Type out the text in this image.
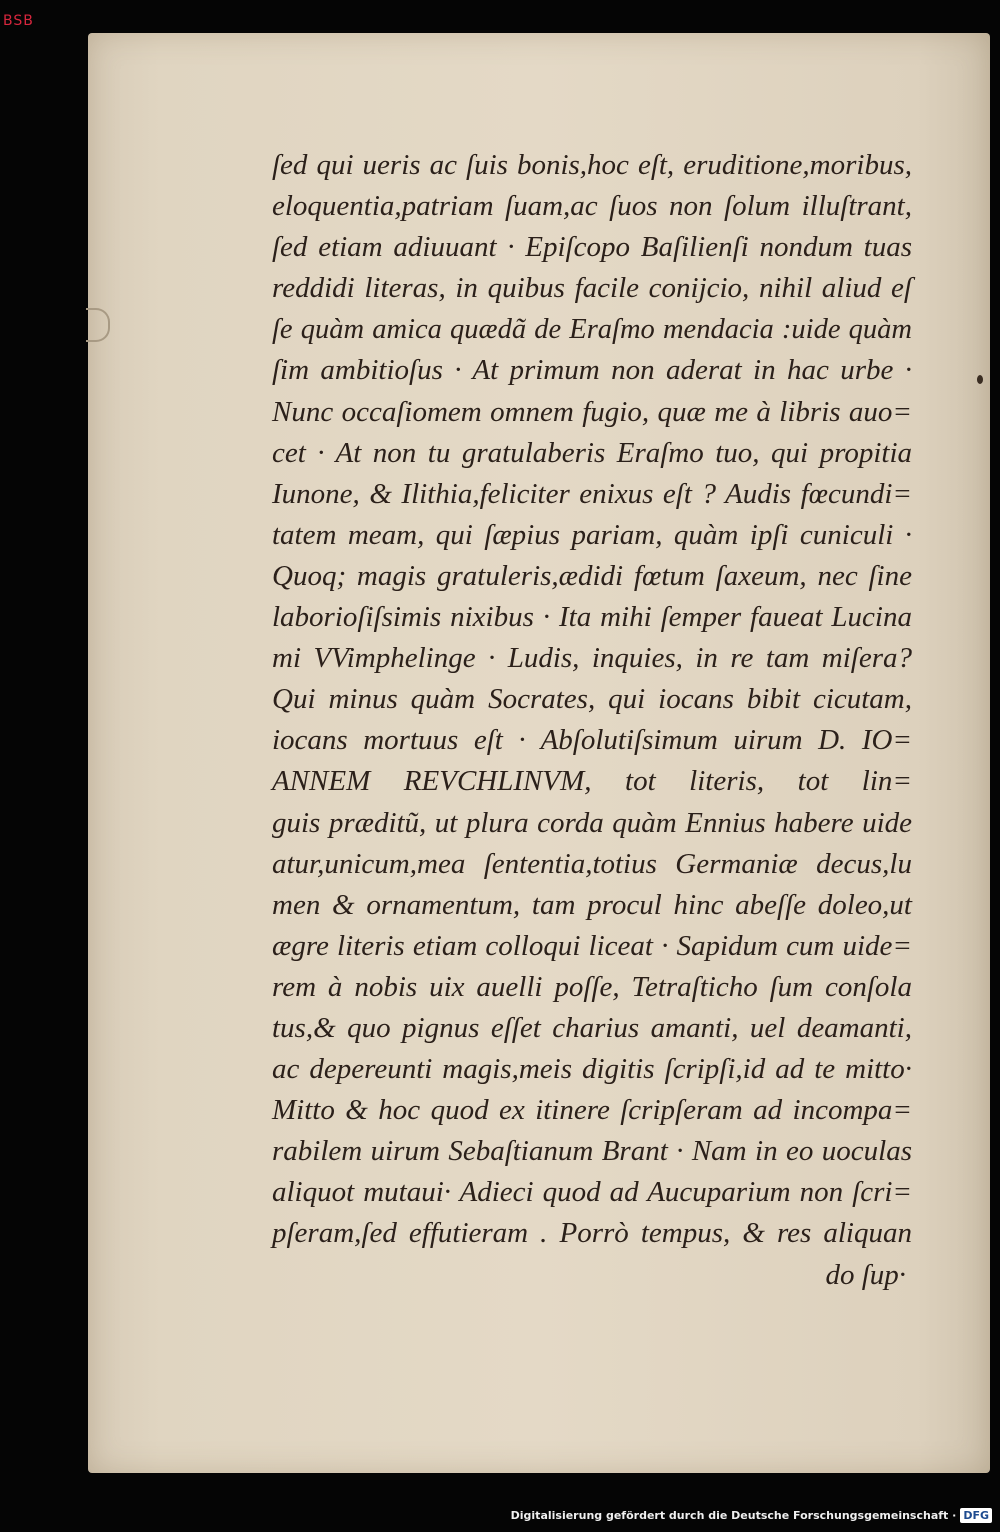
BSB
ſed qui ueris ac ſuis bonis,hoc eſt, eruditione,moribus,
eloquentia,patriam ſuam,ac ſuos non ſolum illuſtrant,
ſed etiam adiuuant · Epiſcopo Baſilienſi nondum tuas
reddidi literas, in quibus facile conijcio, nihil aliud eſ
ſe quàm amica quædã de Eraſmo mendacia :uide quàm
ſim ambitioſus · At primum non aderat in hac urbe ·
Nunc occaſiomem omnem fugio, quæ me à libris auo=
cet · At non tu gratulaberis Eraſmo tuo, qui propitia
Iunone, & Ilithia,feliciter enixus eſt ? Audis fœcundi=
tatem meam, qui ſæpius pariam, quàm ipſi cuniculi ·
Quoq; magis gratuleris,ædidi fœtum ſaxeum, nec ſine
laborioſiſsimis nixibus · Ita mihi ſemper faueat Lucina
mi VVimphelinge · Ludis, inquies, in re tam miſera?
Qui minus quàm Socrates, qui iocans bibit cicutam,
iocans mortuus eſt · Abſolutiſsimum uirum D. IO=
ANNEM REVCHLINVM, tot literis, tot lin=
guis præditũ, ut plura corda quàm Ennius habere uide
atur,unicum,mea ſententia,totius Germaniæ decus,lu
men & ornamentum, tam procul hinc abeſſe doleo,ut
ægre literis etiam colloqui liceat · Sapidum cum uide=
rem à nobis uix auelli poſſe, Tetraſticho ſum conſola
tus,& quo pignus eſſet charius amanti, uel deamanti,
ac depereunti magis,meis digitis ſcripſi,id ad te mitto·
Mitto & hoc quod ex itinere ſcripſeram ad incompa=
rabilem uirum Sebaſtianum Brant · Nam in eo uoculas
aliquot mutaui· Adieci quod ad Aucuparium non ſcri=
pſeram,ſed effutieram . Porrò tempus, & res aliquan
do ſup·
Digitalisierung gefördert durch die Deutsche Forschungsgemeinschaft · DFG
